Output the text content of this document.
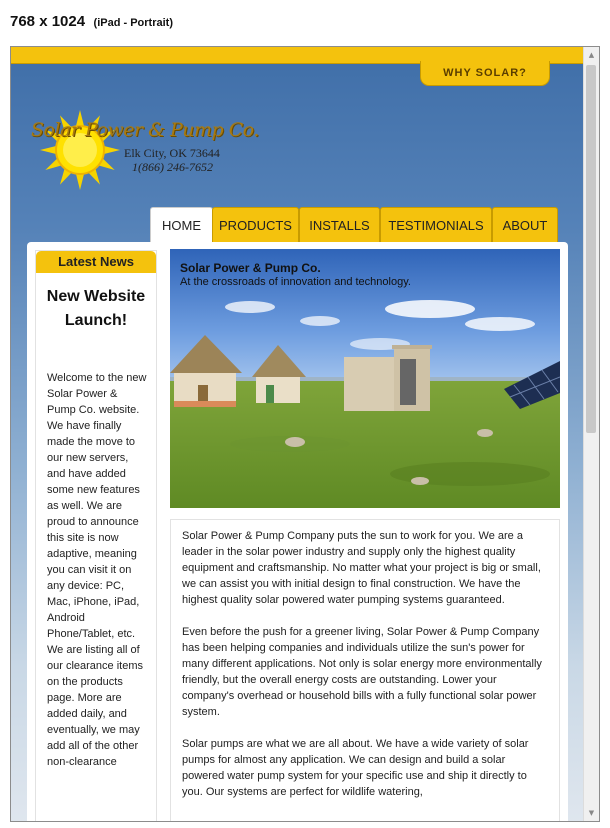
768 x 1024 (iPad - Portrait)
WHY SOLAR?
Solar Power & Pump Co.
Elk City, OK 73644
1(866) 246-7652
HOME	PRODUCTS	INSTALLS	TESTIMONIALS	ABOUT
Latest News
New Website Launch!
Welcome to the new Solar Power & Pump Co. website. We have finally made the move to our new servers, and have added some new features as well. We are proud to announce this site is now adaptive, meaning you can visit it on any device: PC, Mac, iPhone, iPad, Android Phone/Tablet, etc. We are listing all of our clearance items on the products page. More are added daily, and eventually, we may add all of the other non-clearance
Solar Power & Pump Co.
At the crossroads of innovation and technology.

Solar Power & Pump Company puts the sun to work for you. We are a leader in the solar power industry and supply only the highest quality equipment and craftsmanship. No matter what your project is big or small, we can assist you with initial design to final construction. We have the highest quality solar powered water pumping systems guaranteed.

Even before the push for a greener living, Solar Power & Pump Company has been helping companies and individuals utilize the sun's power for many different applications. Not only is solar energy more environmentally friendly, but the overall energy costs are outstanding. Lower your company's overhead or household bills with a fully functional solar power system.

Solar pumps are what we are all about. We have a wide variety of solar pumps for almost any application. We can design and build a solar powered water pump system for your specific use and ship it directly to you. Our systems are perfect for wildlife watering,

▲
▼
